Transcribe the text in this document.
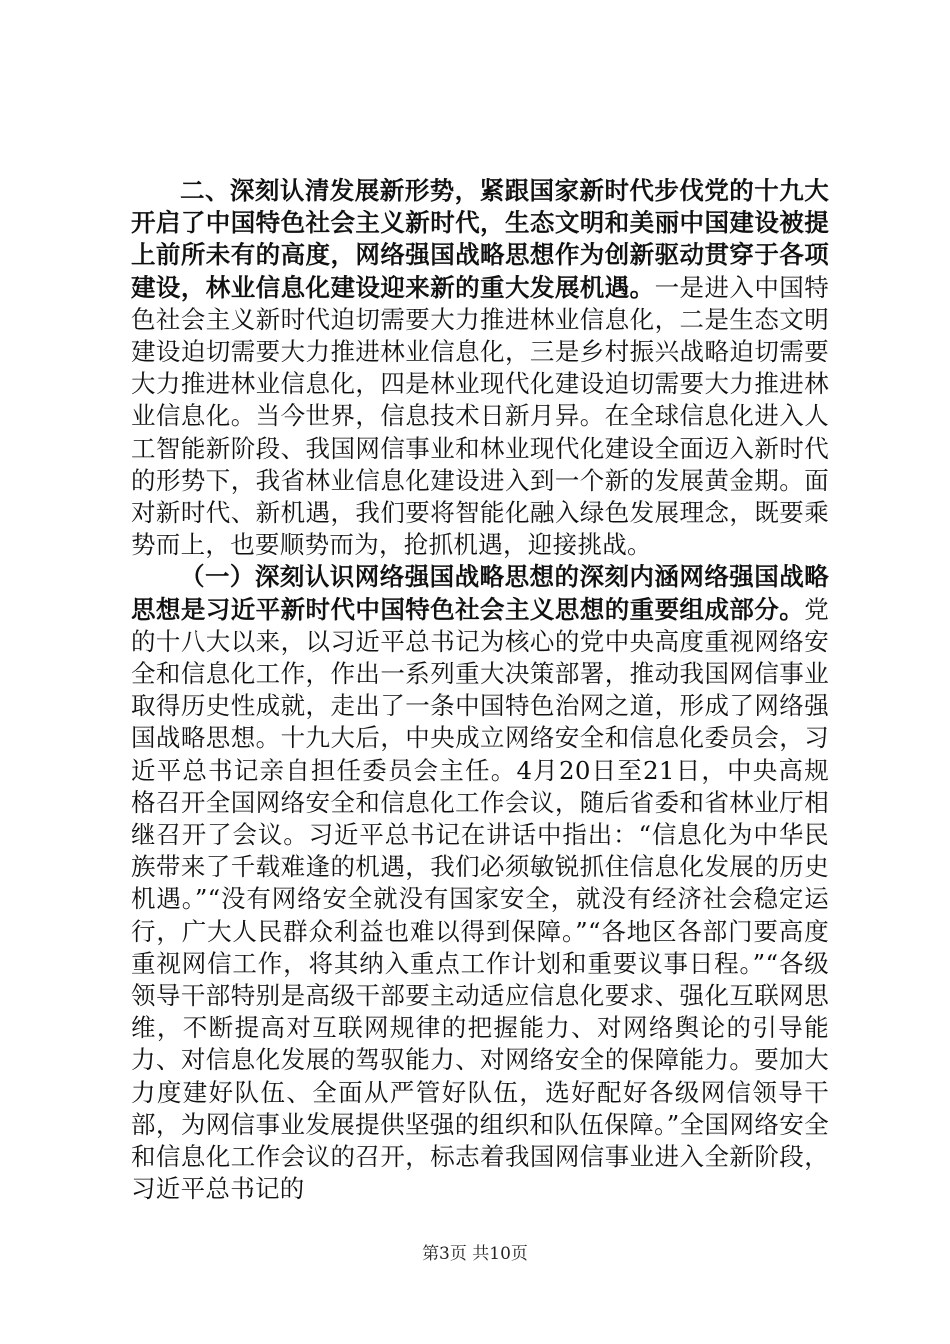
二、深刻认清发展新形势，紧跟国家新时代步伐党的十九大开启了中国特色社会主义新时代，生态文明和美丽中国建设被提上前所未有的高度，网络强国战略思想作为创新驱动贯穿于各项建设，林业信息化建设迎来新的重大发展机遇。一是进入中国特色社会主义新时代迫切需要大力推进林业信息化，二是生态文明建设迫切需要大力推进林业信息化，三是乡村振兴战略迫切需要大力推进林业信息化，四是林业现代化建设迫切需要大力推进林业信息化。当今世界，信息技术日新月异。在全球信息化进入人工智能新阶段、我国网信事业和林业现代化建设全面迈入新时代的形势下，我省林业信息化建设进入到一个新的发展黄金期。面对新时代、新机遇，我们要将智能化融入绿色发展理念，既要乘势而上，也要顺势而为，抢抓机遇，迎接挑战。

（一）深刻认识网络强国战略思想的深刻内涵网络强国战略思想是习近平新时代中国特色社会主义思想的重要组成部分。党的十八大以来，以习近平总书记为核心的党中央高度重视网络安全和信息化工作，作出一系列重大决策部署，推动我国网信事业取得历史性成就，走出了一条中国特色治网之道，形成了网络强国战略思想。十九大后，中央成立网络安全和信息化委员会，习近平总书记亲自担任委员会主任。4月20日至21日，中央高规格召开全国网络安全和信息化工作会议，随后省委和省林业厅相继召开了会议。习近平总书记在讲话中指出：“信息化为中华民族带来了千载难逢的机遇，我们必须敏锐抓住信息化发展的历史机遇。”“没有网络安全就没有国家安全，就没有经济社会稳定运行，广大人民群众利益也难以得到保障。”“各地区各部门要高度重视网信工作，将其纳入重点工作计划和重要议事日程。”“各级领导干部特别是高级干部要主动适应信息化要求、强化互联网思维，不断提高对互联网规律的把握能力、对网络舆论的引导能力、对信息化发展的驾驭能力、对网络安全的保障能力。要加大力度建好队伍、全面从严管好队伍，选好配好各级网信领导干部，为网信事业发展提供坚强的组织和队伍保障。”全国网络安全和信息化工作会议的召开，标志着我国网信事业进入全新阶段，习近平总书记的

第3页 共10页
